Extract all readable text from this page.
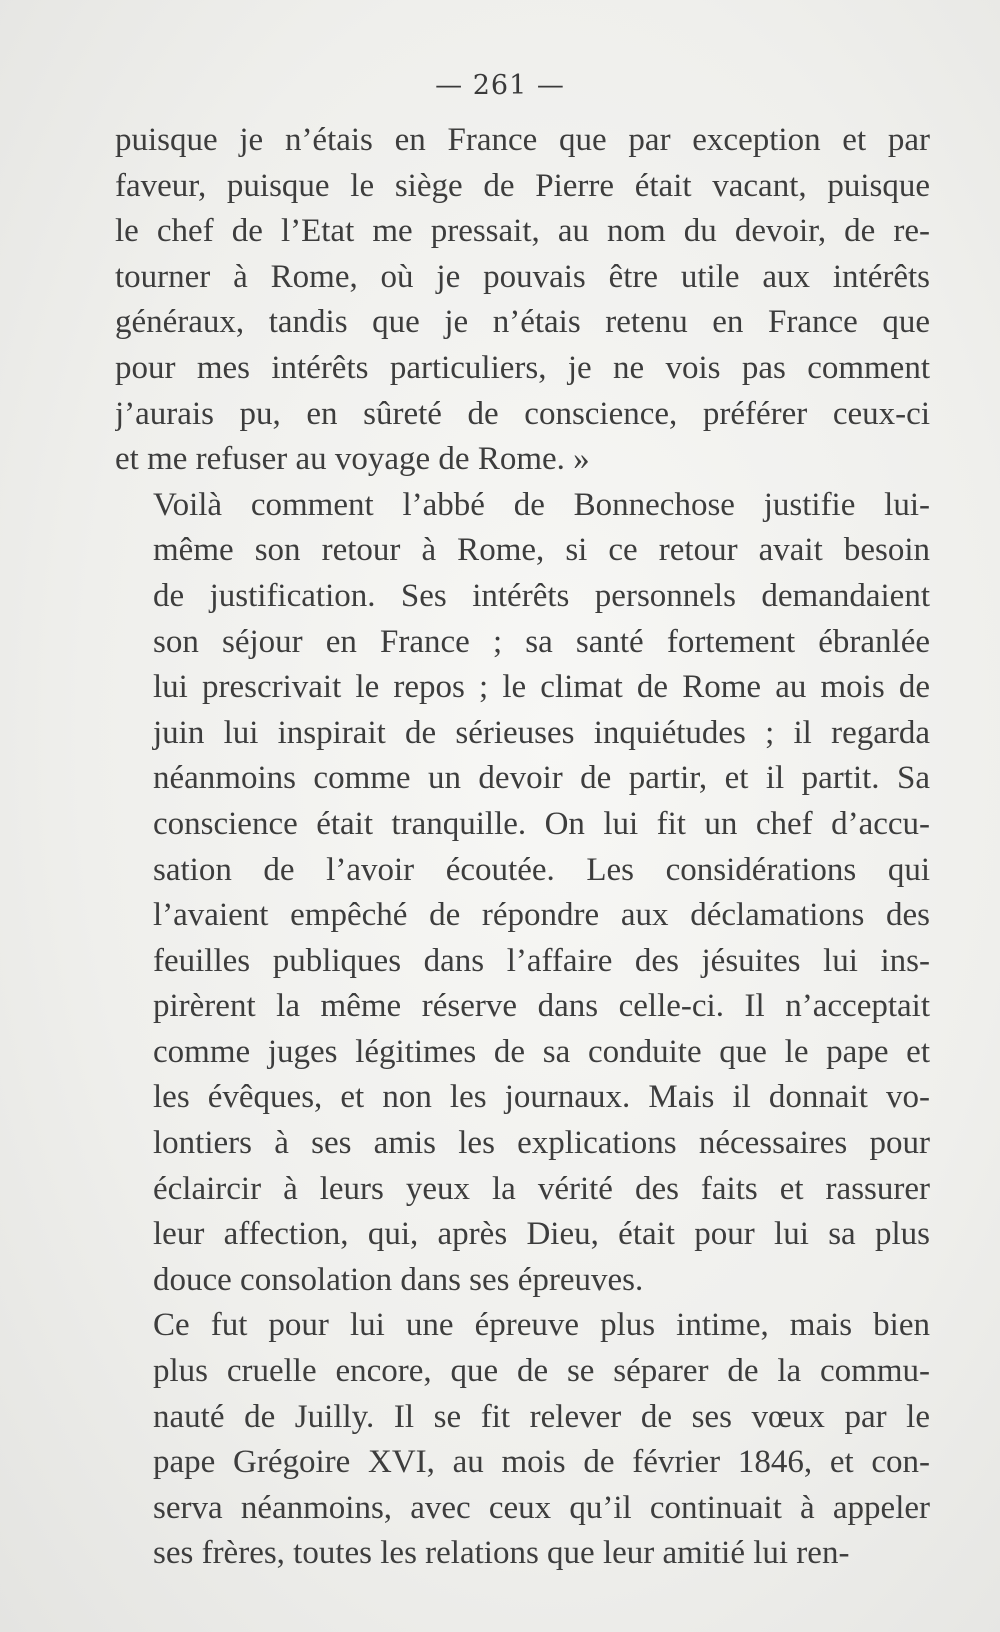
— 261 —

puisque je n’étais en France que par exception et par
faveur, puisque le siège de Pierre était vacant, puisque
le chef de l’Etat me pressait, au nom du devoir, de re-
tourner à Rome, où je pouvais être utile aux intérêts
généraux, tandis que je n’étais retenu en France que
pour mes intérêts particuliers, je ne vois pas comment
j’aurais pu, en sûreté de conscience, préférer ceux-ci
et me refuser au voyage de Rome. »

Voilà comment l’abbé de Bonnechose justifie lui-
même son retour à Rome, si ce retour avait besoin
de justification. Ses intérêts personnels demandaient
son séjour en France ; sa santé fortement ébranlée
lui prescrivait le repos ; le climat de Rome au mois de
juin lui inspirait de sérieuses inquiétudes ; il regarda
néanmoins comme un devoir de partir, et il partit. Sa
conscience était tranquille. On lui fit un chef d’accu-
sation de l’avoir écoutée. Les considérations qui
l’avaient empêché de répondre aux déclamations des
feuilles publiques dans l’affaire des jésuites lui ins-
pirèrent la même réserve dans celle-ci. Il n’acceptait
comme juges légitimes de sa conduite que le pape et
les évêques, et non les journaux. Mais il donnait vo-
lontiers à ses amis les explications nécessaires pour
éclaircir à leurs yeux la vérité des faits et rassurer
leur affection, qui, après Dieu, était pour lui sa plus
douce consolation dans ses épreuves.

Ce fut pour lui une épreuve plus intime, mais bien
plus cruelle encore, que de se séparer de la commu-
nauté de Juilly. Il se fit relever de ses vœux par le
pape Grégoire XVI, au mois de février 1846, et con-
serva néanmoins, avec ceux qu’il continuait à appeler
ses frères, toutes les relations que leur amitié lui ren-
